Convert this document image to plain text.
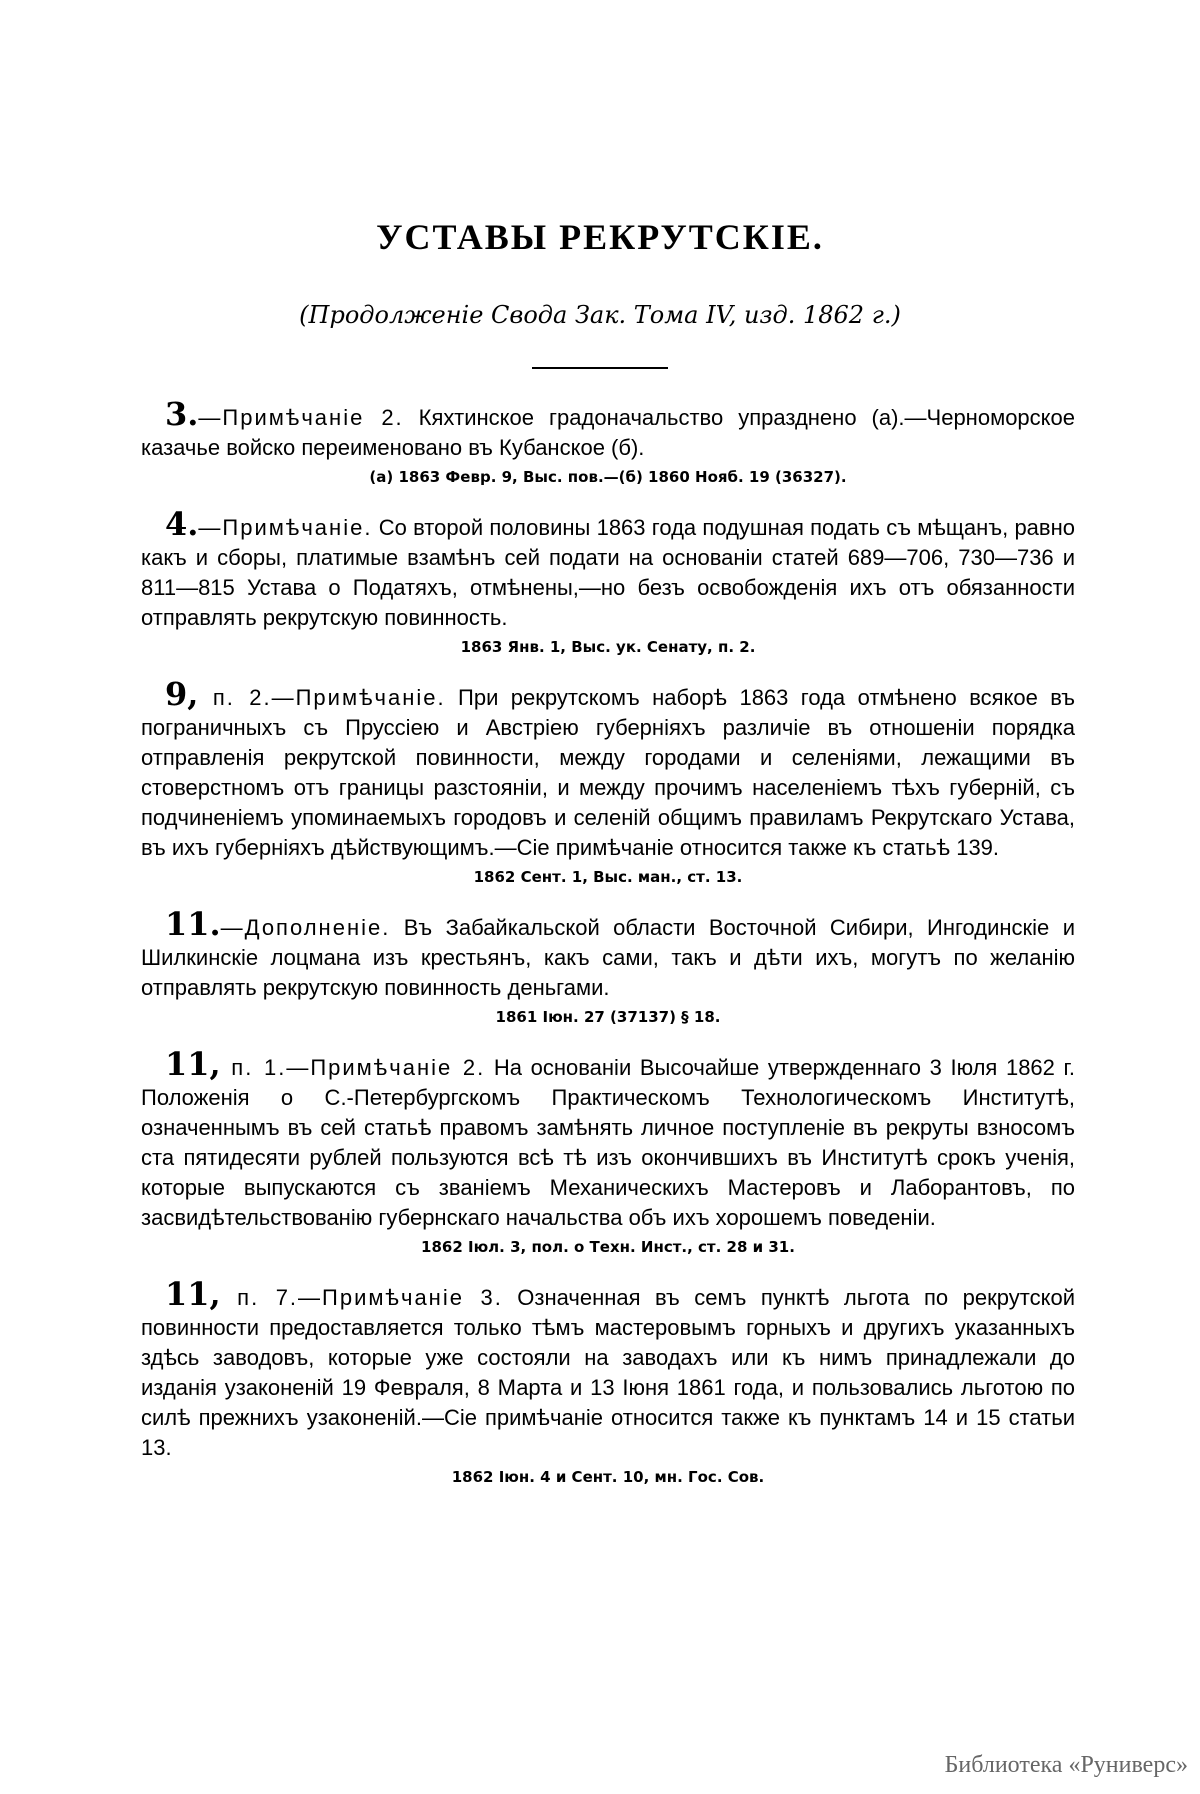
УСТАВЫ РЕКРУТСКІЕ.
(Продолженіе Свода Зак. Тома IV, изд. 1862 г.)

3.—Примѣчаніе 2. Кяхтинское градоначальство упразднено (а).—Черноморское казачье войско переименовано въ Кубанское (б).

(а) 1863 Февр. 9, Выс. пов.—(б) 1860 Нояб. 19 (36327).

4.—Примѣчаніе. Со второй половины 1863 года подушная подать съ мѣщанъ, равно какъ и сборы, платимые взамѣнъ сей подати на основаніи статей 689—706, 730—736 и 811—815 Устава о Податяхъ, отмѣнены,—но безъ освобожденія ихъ отъ обязанности отправлять рекрутскую повинность.

1863 Янв. 1, Выс. ук. Сенату, п. 2.

9, п. 2.—Примѣчаніе. При рекрутскомъ наборѣ 1863 года отмѣнено всякое въ пограничныхъ съ Пруссіею и Австріею губерніяхъ различіе въ отношеніи порядка отправленія рекрутской повинности, между городами и селеніями, лежащими въ стоверстномъ отъ границы разстояніи, и между прочимъ населеніемъ тѣхъ губерній, съ подчиненіемъ упоминаемыхъ городовъ и селеній общимъ правиламъ Рекрутскаго Устава, въ ихъ губерніяхъ дѣйствующимъ.—Сіе примѣчаніе относится также къ статьѣ 139.

1862 Сент. 1, Выс. ман., ст. 13.

11.—Дополненіе. Въ Забайкальской области Восточной Сибири, Ингодинскіе и Шилкинскіе лоцмана изъ крестьянъ, какъ сами, такъ и дѣти ихъ, могутъ по желанію отправлять рекрутскую повинность деньгами.

1861 Іюн. 27 (37137) § 18.

11, п. 1.—Примѣчаніе 2. На основаніи Высочайше утвержденнаго 3 Іюля 1862 г. Положенія о С.-Петербургскомъ Практическомъ Технологическомъ Институтѣ, означеннымъ въ сей статьѣ правомъ замѣнять личное поступленіе въ рекруты взносомъ ста пятидесяти рублей пользуются всѣ тѣ изъ окончившихъ въ Институтѣ срокъ ученія, которые выпускаются съ званіемъ Механическихъ Мастеровъ и Лаборантовъ, по засвидѣтельствованію губернскаго начальства объ ихъ хорошемъ поведеніи.

1862 Іюл. 3, пол. о Техн. Инст., ст. 28 и 31.

11, п. 7.—Примѣчаніе 3. Означенная въ семъ пунктѣ льгота по рекрутской повинности предоставляется только тѣмъ мастеровымъ горныхъ и другихъ указанныхъ здѣсь заводовъ, которые уже состояли на заводахъ или къ нимъ принадлежали до изданія узаконеній 19 Февраля, 8 Марта и 13 Іюня 1861 года, и пользовались льготою по силѣ прежнихъ узаконеній.—Сіе примѣчаніе относится также къ пунктамъ 14 и 15 статьи 13.

1862 Іюн. 4 и Сент. 10, мн. Гос. Сов.
Библиотека «Руниверс»
